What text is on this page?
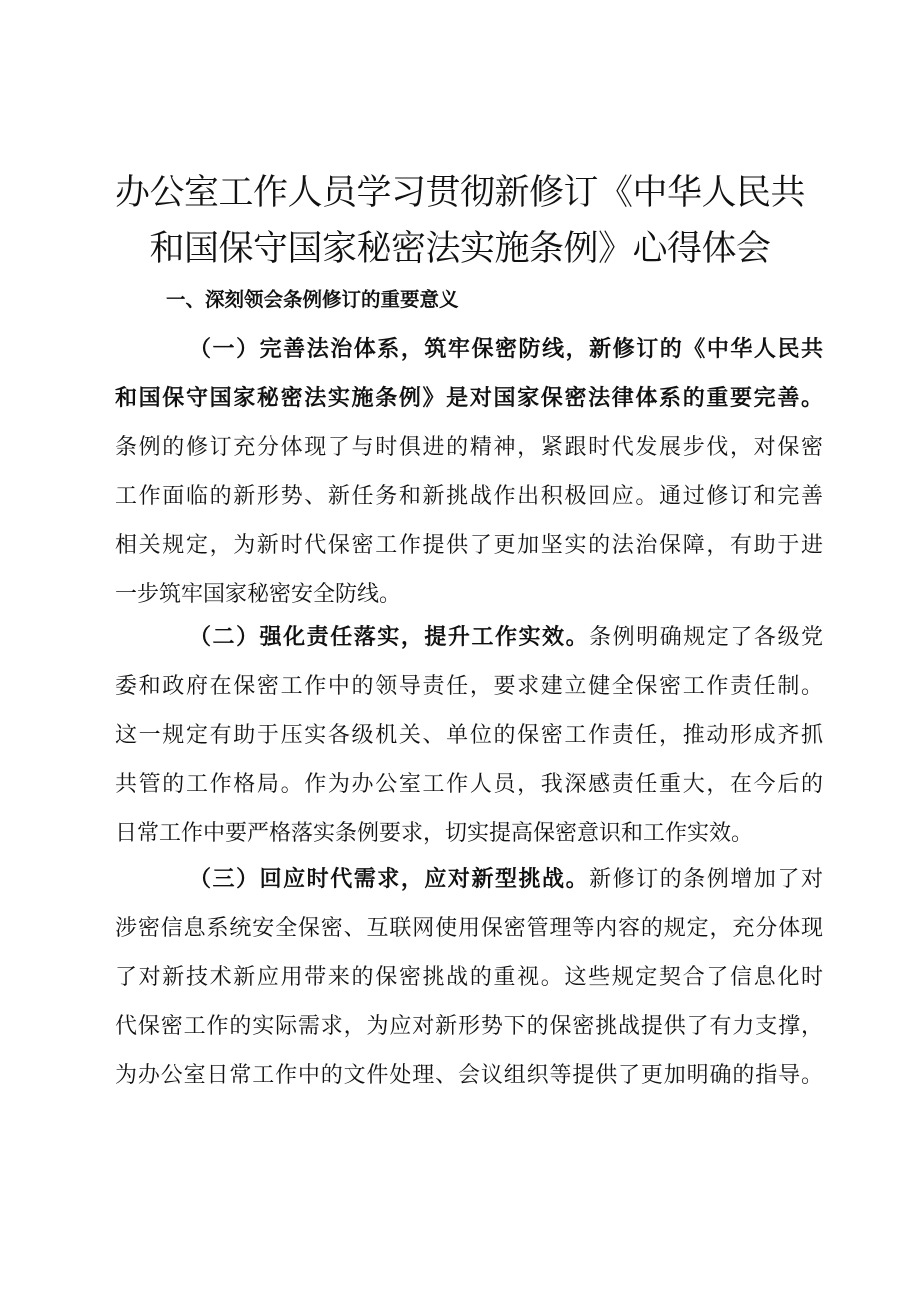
办公室工作人员学习贯彻新修订《中华人民共
和国保守国家秘密法实施条例》心得体会
一、深刻领会条例修订的重要意义
（一）完善法治体系，筑牢保密防线，新修订的《中华人民共
和国保守国家秘密法实施条例》是对国家保密法律体系的重要完善。
条例的修订充分体现了与时俱进的精神，紧跟时代发展步伐，对保密
工作面临的新形势、新任务和新挑战作出积极回应。通过修订和完善
相关规定，为新时代保密工作提供了更加坚实的法治保障，有助于进
一步筑牢国家秘密安全防线。
（二）强化责任落实，提升工作实效。条例明确规定了各级党
委和政府在保密工作中的领导责任，要求建立健全保密工作责任制。
这一规定有助于压实各级机关、单位的保密工作责任，推动形成齐抓
共管的工作格局。作为办公室工作人员，我深感责任重大，在今后的
日常工作中要严格落实条例要求，切实提高保密意识和工作实效。
（三）回应时代需求，应对新型挑战。新修订的条例增加了对
涉密信息系统安全保密、互联网使用保密管理等内容的规定，充分体现
了对新技术新应用带来的保密挑战的重视。这些规定契合了信息化时
代保密工作的实际需求，为应对新形势下的保密挑战提供了有力支撑，
为办公室日常工作中的文件处理、会议组织等提供了更加明确的指导。
